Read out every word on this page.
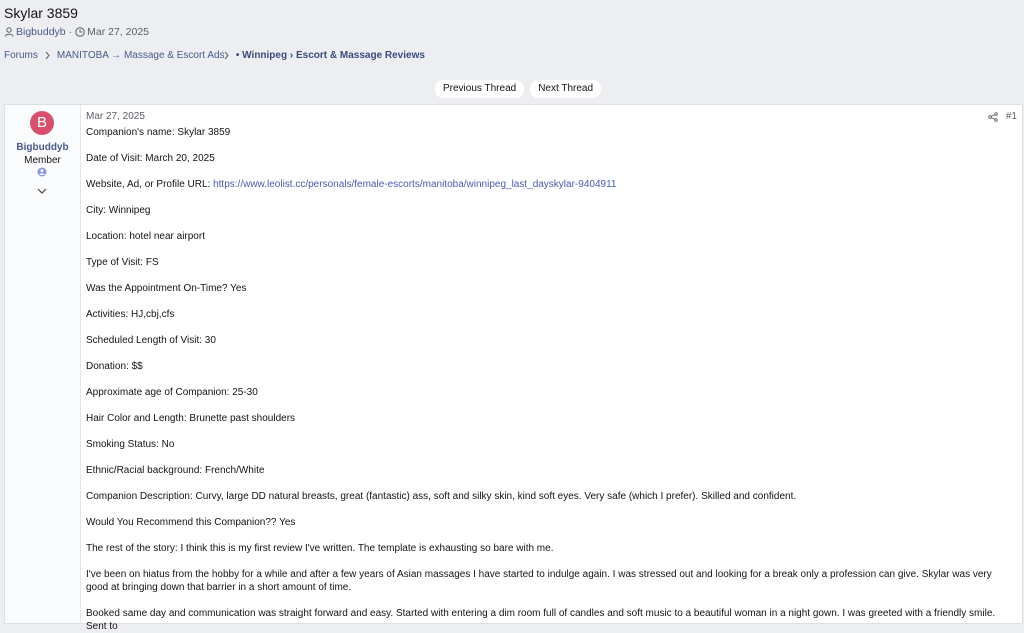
Skylar 3859
Bigbuddyb · Mar 27, 2025
Forums MANITOBA → Massage & Escort Ads • Winnipeg › Escort & Massage Reviews
Previous Thread	Next Thread
B
Bigbuddyb
Member
Mar 27, 2025	#1

Companion's name: Skylar 3859

Date of Visit: March 20, 2025

Website, Ad, or Profile URL: https://www.leolist.cc/personals/female-escorts/manitoba/winnipeg_last_dayskylar-9404911

City: Winnipeg

Location: hotel near airport

Type of Visit: FS

Was the Appointment On-Time? Yes

Activities: HJ,cbj,cfs

Scheduled Length of Visit: 30

Donation: $$

Approximate age of Companion: 25-30

Hair Color and Length: Brunette past shoulders

Smoking Status: No

Ethnic/Racial background: French/White

Companion Description: Curvy, large DD natural breasts, great (fantastic) ass, soft and silky skin, kind soft eyes. Very safe (which I prefer). Skilled and confident.

Would You Recommend this Companion?? Yes

The rest of the story: I think this is my first review I've written. The template is exhausting so bare with me.

I've been on hiatus from the hobby for a while and after a few years of Asian massages I have started to indulge again. I was stressed out and looking for a break only a profession can give. Skylar was very good at bringing down that barrier in a short amount of time.

Booked same day and communication was straight forward and easy. Started with entering a dim room full of candles and soft music to a beautiful woman in a night gown. I was greeted with a friendly smile. Sent to
